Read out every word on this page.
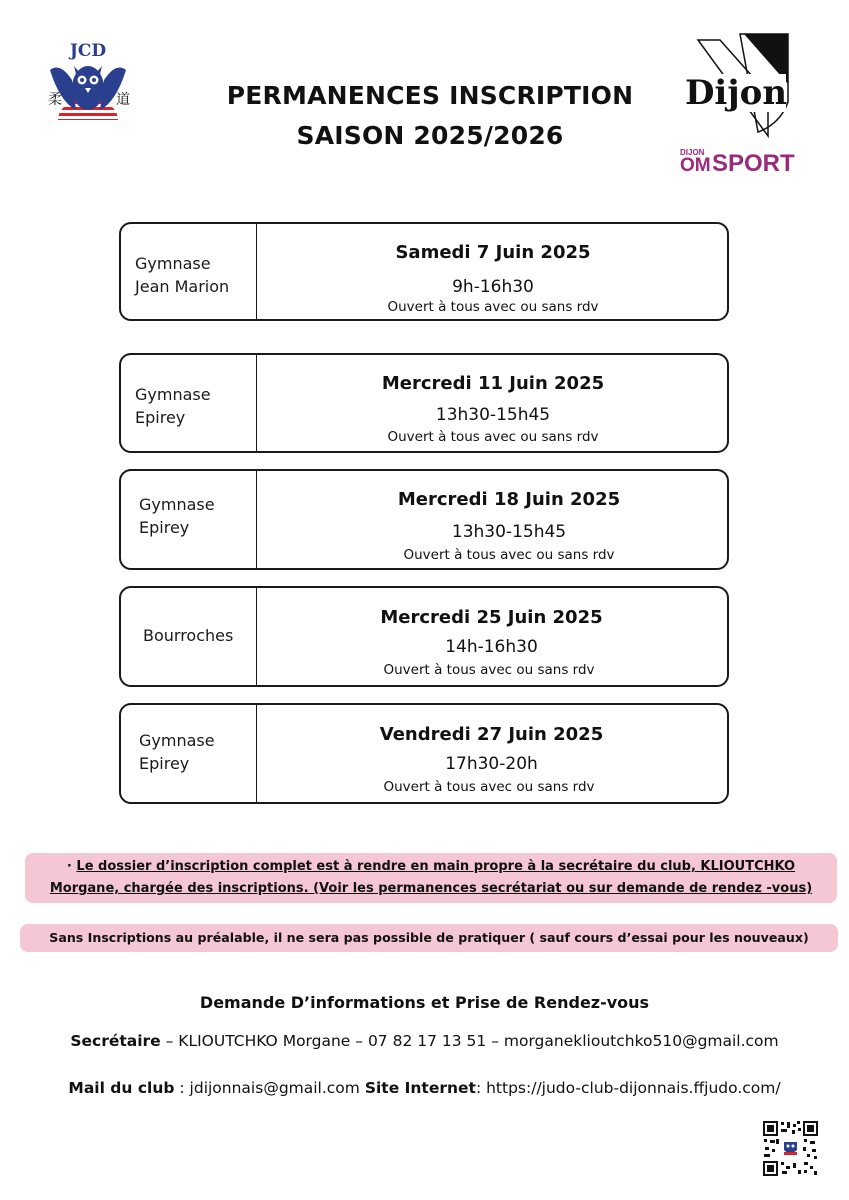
JCD
柔	道	PERMANENCES INSCRIPTION
SAISON 2025/2026
Dijon
DIJON
OM SPORT
Gymnase
Jean Marion
Samedi 7 Juin 2025
9h-16h30
Ouvert à tous avec ou sans rdv
Gymnase
Epirey
Mercredi 11 Juin 2025
13h30-15h45
Ouvert à tous avec ou sans rdv
Gymnase
Epirey
Mercredi 18 Juin 2025
13h30-15h45
Ouvert à tous avec ou sans rdv
Bourroches
Mercredi 25 Juin 2025
14h-16h30
Ouvert à tous avec ou sans rdv
Gymnase
Epirey
Vendredi 27 Juin 2025
17h30-20h
Ouvert à tous avec ou sans rdv
· Le dossier d’inscription complet est à rendre en main propre à la secrétaire du club, KLIOUTCHKO
Morgane, chargée des inscriptions. (Voir les permanences secrétariat ou sur demande de rendez -vous)
Sans Inscriptions au préalable, il ne sera pas possible de pratiquer ( sauf cours d’essai pour les nouveaux)
Demande D’informations et Prise de Rendez-vous
Secrétaire – KLIOUTCHKO Morgane – 07 82 17 13 51 – morganeklioutchko510@gmail.com
Mail du club : jdijonnais@gmail.com Site Internet: https://judo-club-dijonnais.ffjudo.com/
